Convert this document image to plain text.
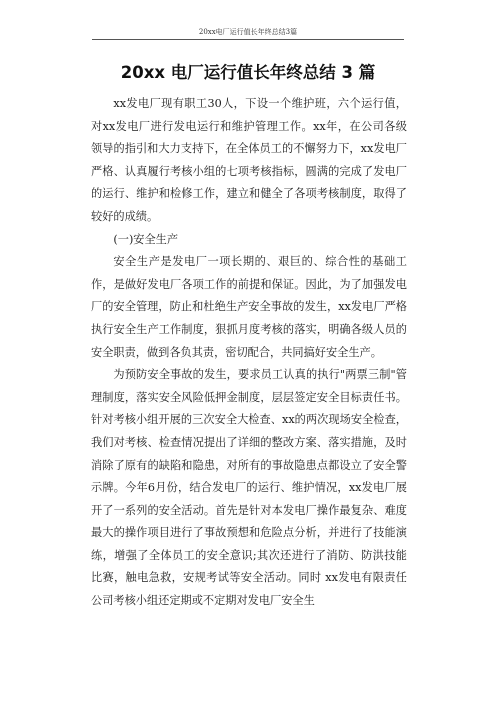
20xx电厂运行值长年终总结3篇
20xx 电厂运行值长年终总结 3 篇

xx发电厂现有职工30人，下设一个维护班，六个运行值，对xx发电厂进行发电运行和维护管理工作。xx年，在公司各级领导的指引和大力支持下，在全体员工的不懈努力下，xx发电厂严格、认真履行考核小组的七项考核指标，圆满的完成了发电厂的运行、维护和检修工作，建立和健全了各项考核制度，取得了较好的成绩。

(一)安全生产

安全生产是发电厂一项长期的、艰巨的、综合性的基础工作，是做好发电厂各项工作的前提和保证。因此，为了加强发电厂的安全管理，防止和杜绝生产安全事故的发生，xx发电厂严格执行安全生产工作制度，狠抓月度考核的落实，明确各级人员的安全职责，做到各负其责，密切配合，共同搞好安全生产。

为预防安全事故的发生，要求员工认真的执行"两票三制"管理制度，落实安全风险低押金制度，层层签定安全目标责任书。针对考核小组开展的三次安全大检查、xx的两次现场安全检查，我们对考核、检查情况提出了详细的整改方案、落实措施，及时消除了原有的缺陷和隐患，对所有的事故隐患点都设立了安全警示牌。今年6月份，结合发电厂的运行、维护情况，xx发电厂展开了一系列的安全活动。首先是针对本发电厂操作最复杂、难度最大的操作项目进行了事故预想和危险点分析，并进行了技能演练，增强了全体员工的安全意识;其次还进行了消防、防洪技能比赛，触电急救，安规考试等安全活动。同时 xx发电有限责任公司考核小组还定期或不定期对发电厂安全生
